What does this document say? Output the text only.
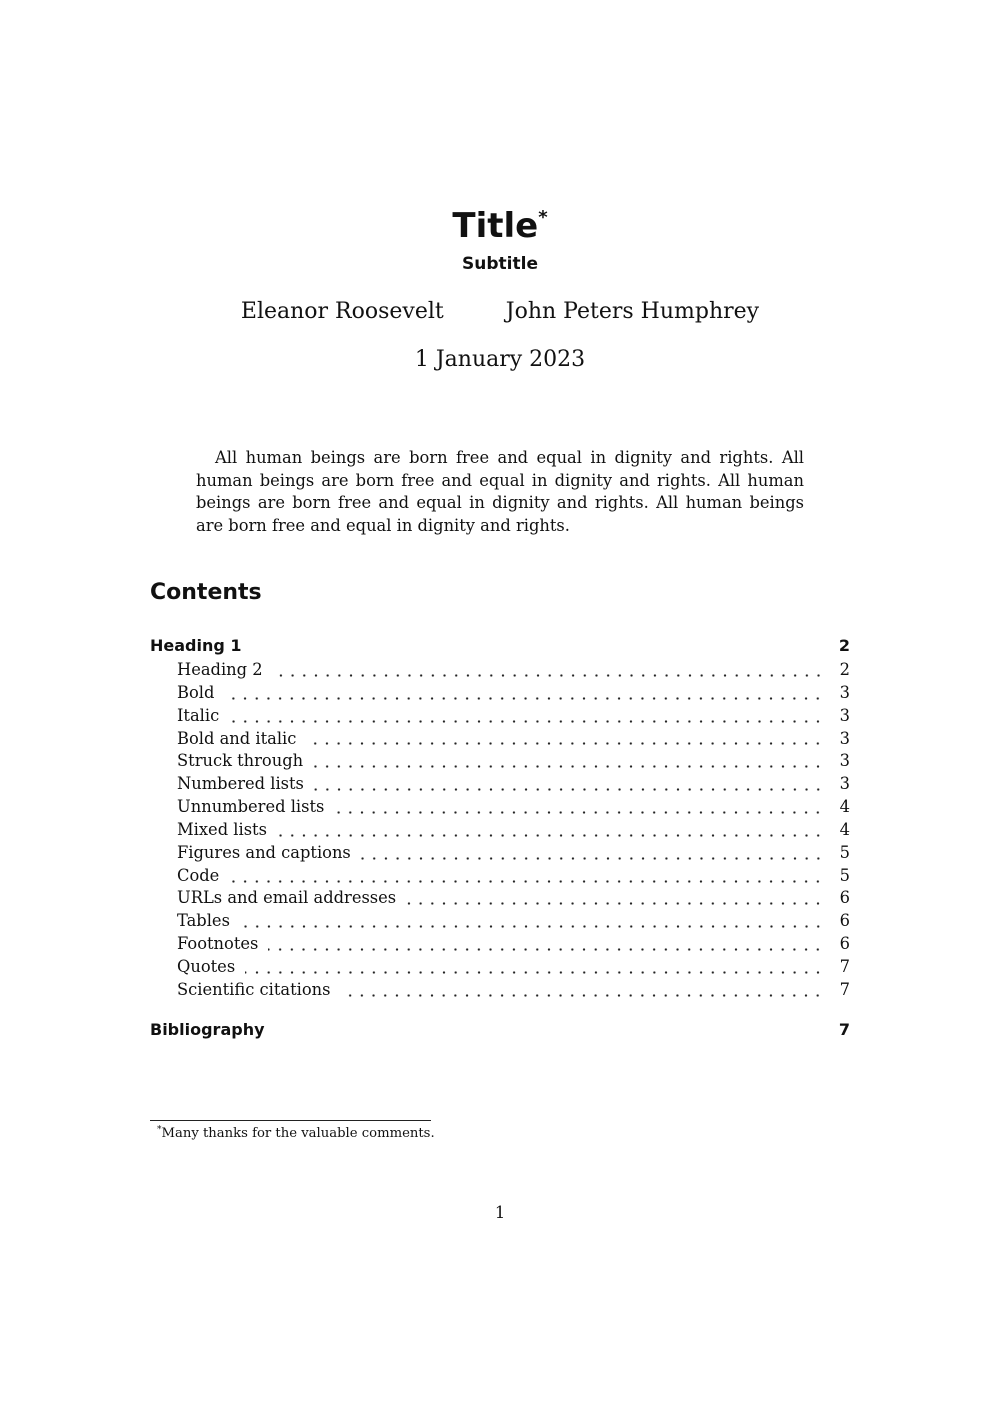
Title*
Subtitle
Eleanor Roosevelt	John Peters Humphrey
1 January 2023

All human beings are born free and equal in dignity and rights. All human beings are born free and equal in dignity and rights. All human beings are born free and equal in dignity and rights. All human beings are born free and equal in dignity and rights.

Contents
Heading 1	2
Heading 2	2
Bold	3
Italic	3
Bold and italic	3
Struck through	3
Numbered lists	3
Unnumbered lists	4
Mixed lists	4
Figures and captions	5
Code	5
URLs and email addresses	6
Tables	6
Footnotes	6
Quotes	7
Scientific citations	7
Bibliography	7
*Many thanks for the valuable comments.
1
